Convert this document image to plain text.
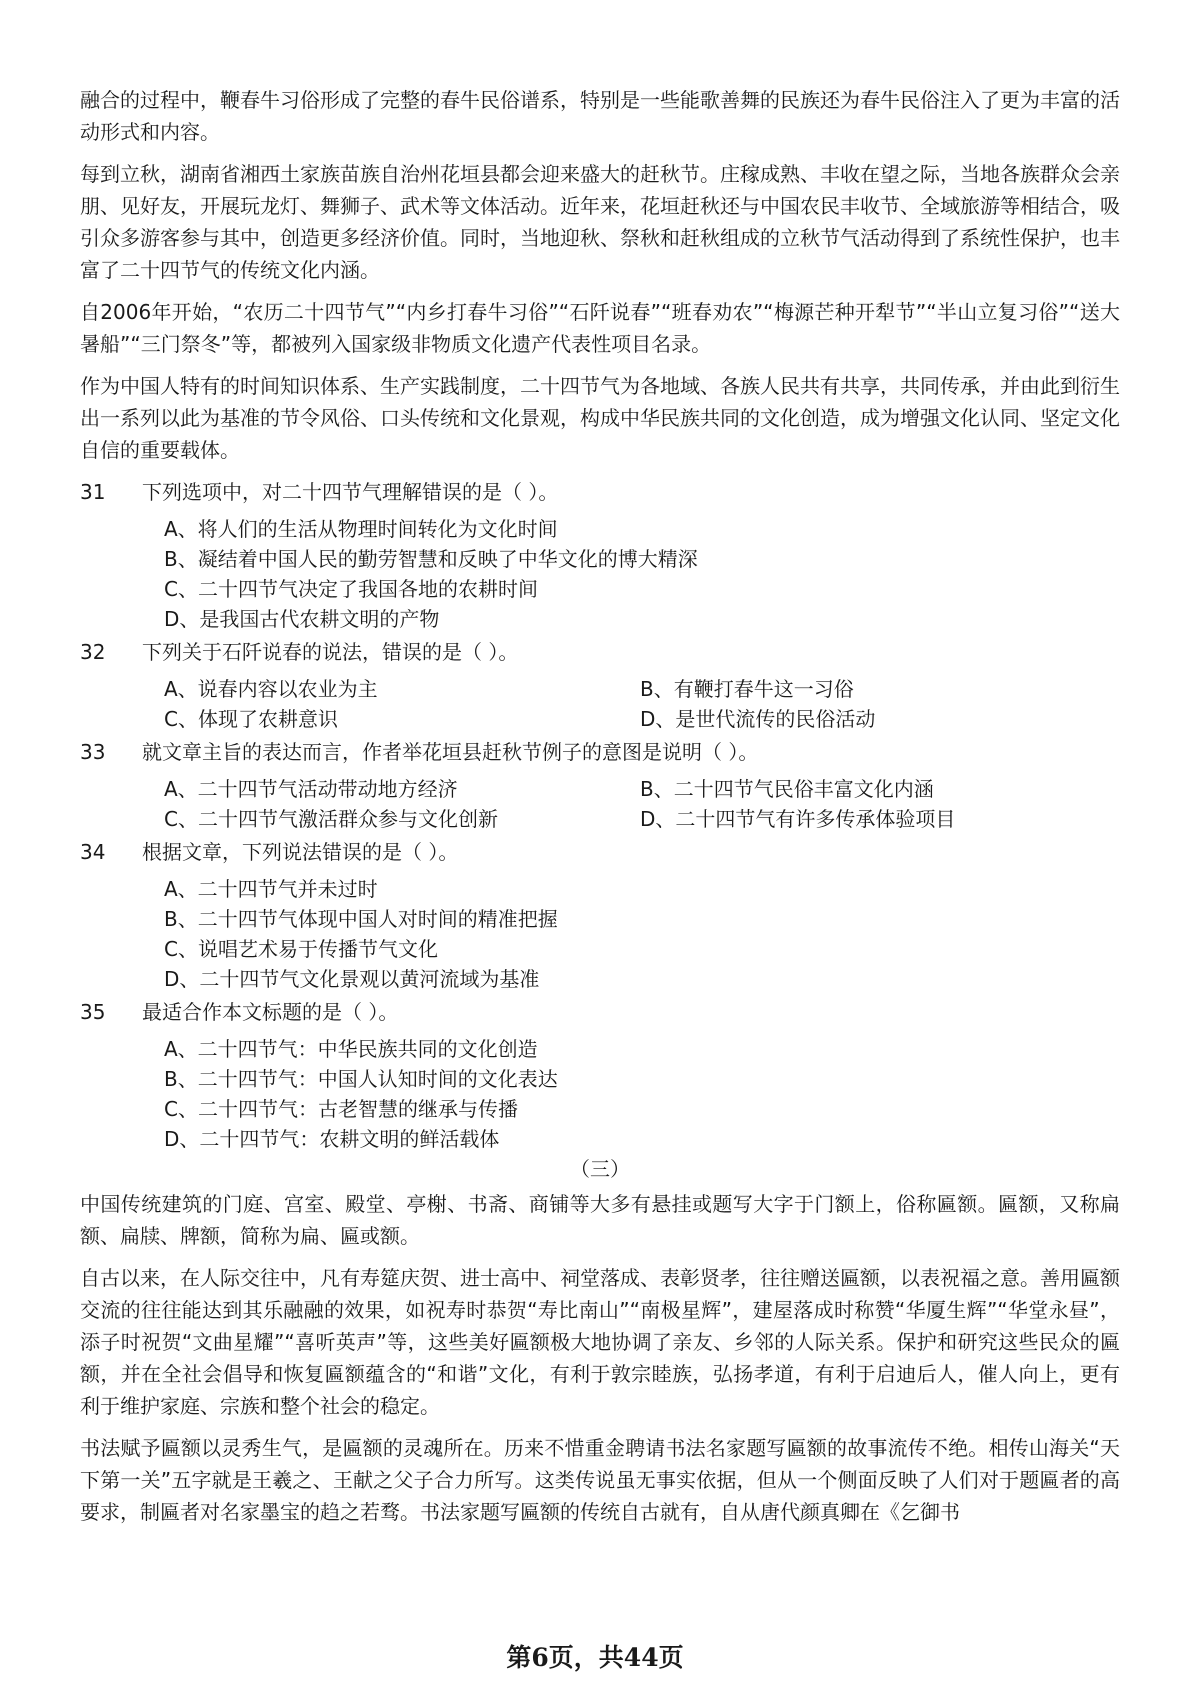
融合的过程中，鞭春牛习俗形成了完整的春牛民俗谱系，特别是一些能歌善舞的民族还为春牛民俗注入了更为丰富的活动形式和内容。

每到立秋，湖南省湘西土家族苗族自治州花垣县都会迎来盛大的赶秋节。庄稼成熟、丰收在望之际，当地各族群众会亲朋、见好友，开展玩龙灯、舞狮子、武术等文体活动。近年来，花垣赶秋还与中国农民丰收节、全域旅游等相结合，吸引众多游客参与其中，创造更多经济价值。同时，当地迎秋、祭秋和赶秋组成的立秋节气活动得到了系统性保护，也丰富了二十四节气的传统文化内涵。

自2006年开始，“农历二十四节气”“内乡打春牛习俗”“石阡说春”“班春劝农”“梅源芒种开犁节”“半山立复习俗”“送大暑船”“三门祭冬”等，都被列入国家级非物质文化遗产代表性项目名录。

作为中国人特有的时间知识体系、生产实践制度，二十四节气为各地域、各族人民共有共享，共同传承，并由此到衍生出一系列以此为基准的节令风俗、口头传统和文化景观，构成中华民族共同的文化创造，成为增强文化认同、坚定文化自信的重要载体。

31	下列选项中，对二十四节气理解错误的是（ ）。
A、将人们的生活从物理时间转化为文化时间
B、凝结着中国人民的勤劳智慧和反映了中华文化的博大精深
C、二十四节气决定了我国各地的农耕时间
D、是我国古代农耕文明的产物
32	下列关于石阡说春的说法，错误的是（ ）。
A、说春内容以农业为主	B、有鞭打春牛这一习俗
C、体现了农耕意识	D、是世代流传的民俗活动
33	就文章主旨的表达而言，作者举花垣县赶秋节例子的意图是说明（ ）。
A、二十四节气活动带动地方经济	B、二十四节气民俗丰富文化内涵
C、二十四节气激活群众参与文化创新	D、二十四节气有许多传承体验项目
34	根据文章，下列说法错误的是（ ）。
A、二十四节气并未过时
B、二十四节气体现中国人对时间的精准把握
C、说唱艺术易于传播节气文化
D、二十四节气文化景观以黄河流域为基准
35	最适合作本文标题的是（ ）。
A、二十四节气：中华民族共同的文化创造
B、二十四节气：中国人认知时间的文化表达
C、二十四节气：古老智慧的继承与传播
D、二十四节气：农耕文明的鲜活载体
（三）

中国传统建筑的门庭、宫室、殿堂、亭榭、书斋、商铺等大多有悬挂或题写大字于门额上，俗称匾额。匾额，又称扁额、扁牍、牌额，简称为扁、匾或额。

自古以来，在人际交往中，凡有寿筵庆贺、进士高中、祠堂落成、表彰贤孝，往往赠送匾额，以表祝福之意。善用匾额交流的往往能达到其乐融融的效果，如祝寿时恭贺“寿比南山”“南极星辉”，建屋落成时称赞“华厦生辉”“华堂永昼”，添子时祝贺“文曲星耀”“喜听英声”等，这些美好匾额极大地协调了亲友、乡邻的人际关系。保护和研究这些民众的匾额，并在全社会倡导和恢复匾额蕴含的“和谐”文化，有利于敦宗睦族，弘扬孝道，有利于启迪后人，催人向上，更有利于维护家庭、宗族和整个社会的稳定。

书法赋予匾额以灵秀生气，是匾额的灵魂所在。历来不惜重金聘请书法名家题写匾额的故事流传不绝。相传山海关“天下第一关”五字就是王羲之、王献之父子合力所写。这类传说虽无事实依据，但从一个侧面反映了人们对于题匾者的高要求，制匾者对名家墨宝的趋之若骛。书法家题写匾额的传统自古就有，自从唐代颜真卿在《乞御书

第6页，共44页
